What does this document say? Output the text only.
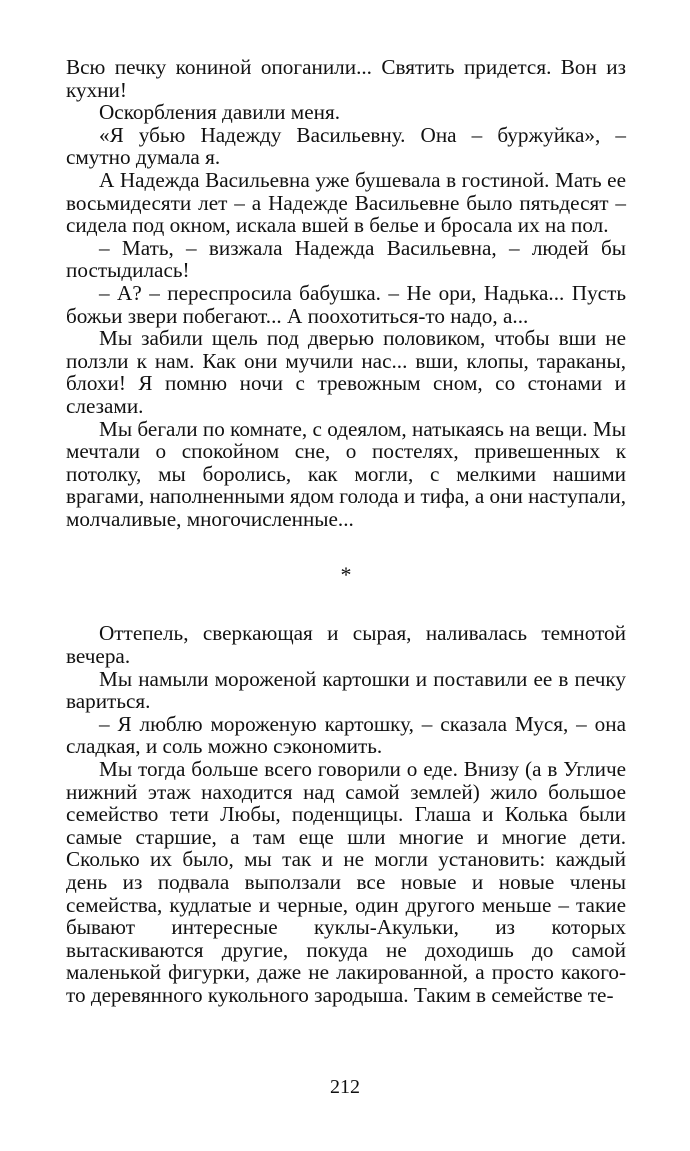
Всю печку кониной опоганили... Святить придется. Вон из кухни!

Оскорбления давили меня.

«Я убью Надежду Васильевну. Она – буржуйка», – смутно думала я.

А Надежда Васильевна уже бушевала в гостиной. Мать ее восьмидесяти лет – а Надежде Васильевне было пятьдесят – сидела под окном, искала вшей в белье и бросала их на пол.

– Мать, – визжала Надежда Васильевна, – людей бы постыдилась!

– А? – переспросила бабушка. – Не ори, Надька... Пусть божьи звери побегают... А поохотиться-то надо, а...

Мы забили щель под дверью половиком, чтобы вши не ползли к нам. Как они мучили нас... вши, клопы, тараканы, блохи! Я помню ночи с тревожным сном, со стонами и слезами.

Мы бегали по комнате, с одеялом, натыкаясь на вещи. Мы мечтали о спокойном сне, о постелях, привешенных к потолку, мы боролись, как могли, с мелкими нашими врагами, наполненными ядом голода и тифа, а они наступали, молчаливые, многочисленные...

*

Оттепель, сверкающая и сырая, наливалась темнотой вечера.

Мы намыли мороженой картошки и поставили ее в печку вариться.

– Я люблю мороженую картошку, – сказала Муся, – она сладкая, и соль можно сэкономить.

Мы тогда больше всего говорили о еде. Внизу (а в Угличе нижний этаж находится над самой землей) жило большое семейство тети Любы, поденщицы. Глаша и Колька были самые старшие, а там еще шли многие и многие дети. Сколько их было, мы так и не могли установить: каждый день из подвала выползали все новые и новые члены семейства, кудлатые и черные, один другого меньше – такие бывают интересные куклы-Акульки, из которых вытаскиваются другие, покуда не доходишь до самой маленькой фигурки, даже не лакированной, а просто какого-то деревянного кукольного зародыша. Таким в семействе те-

212
